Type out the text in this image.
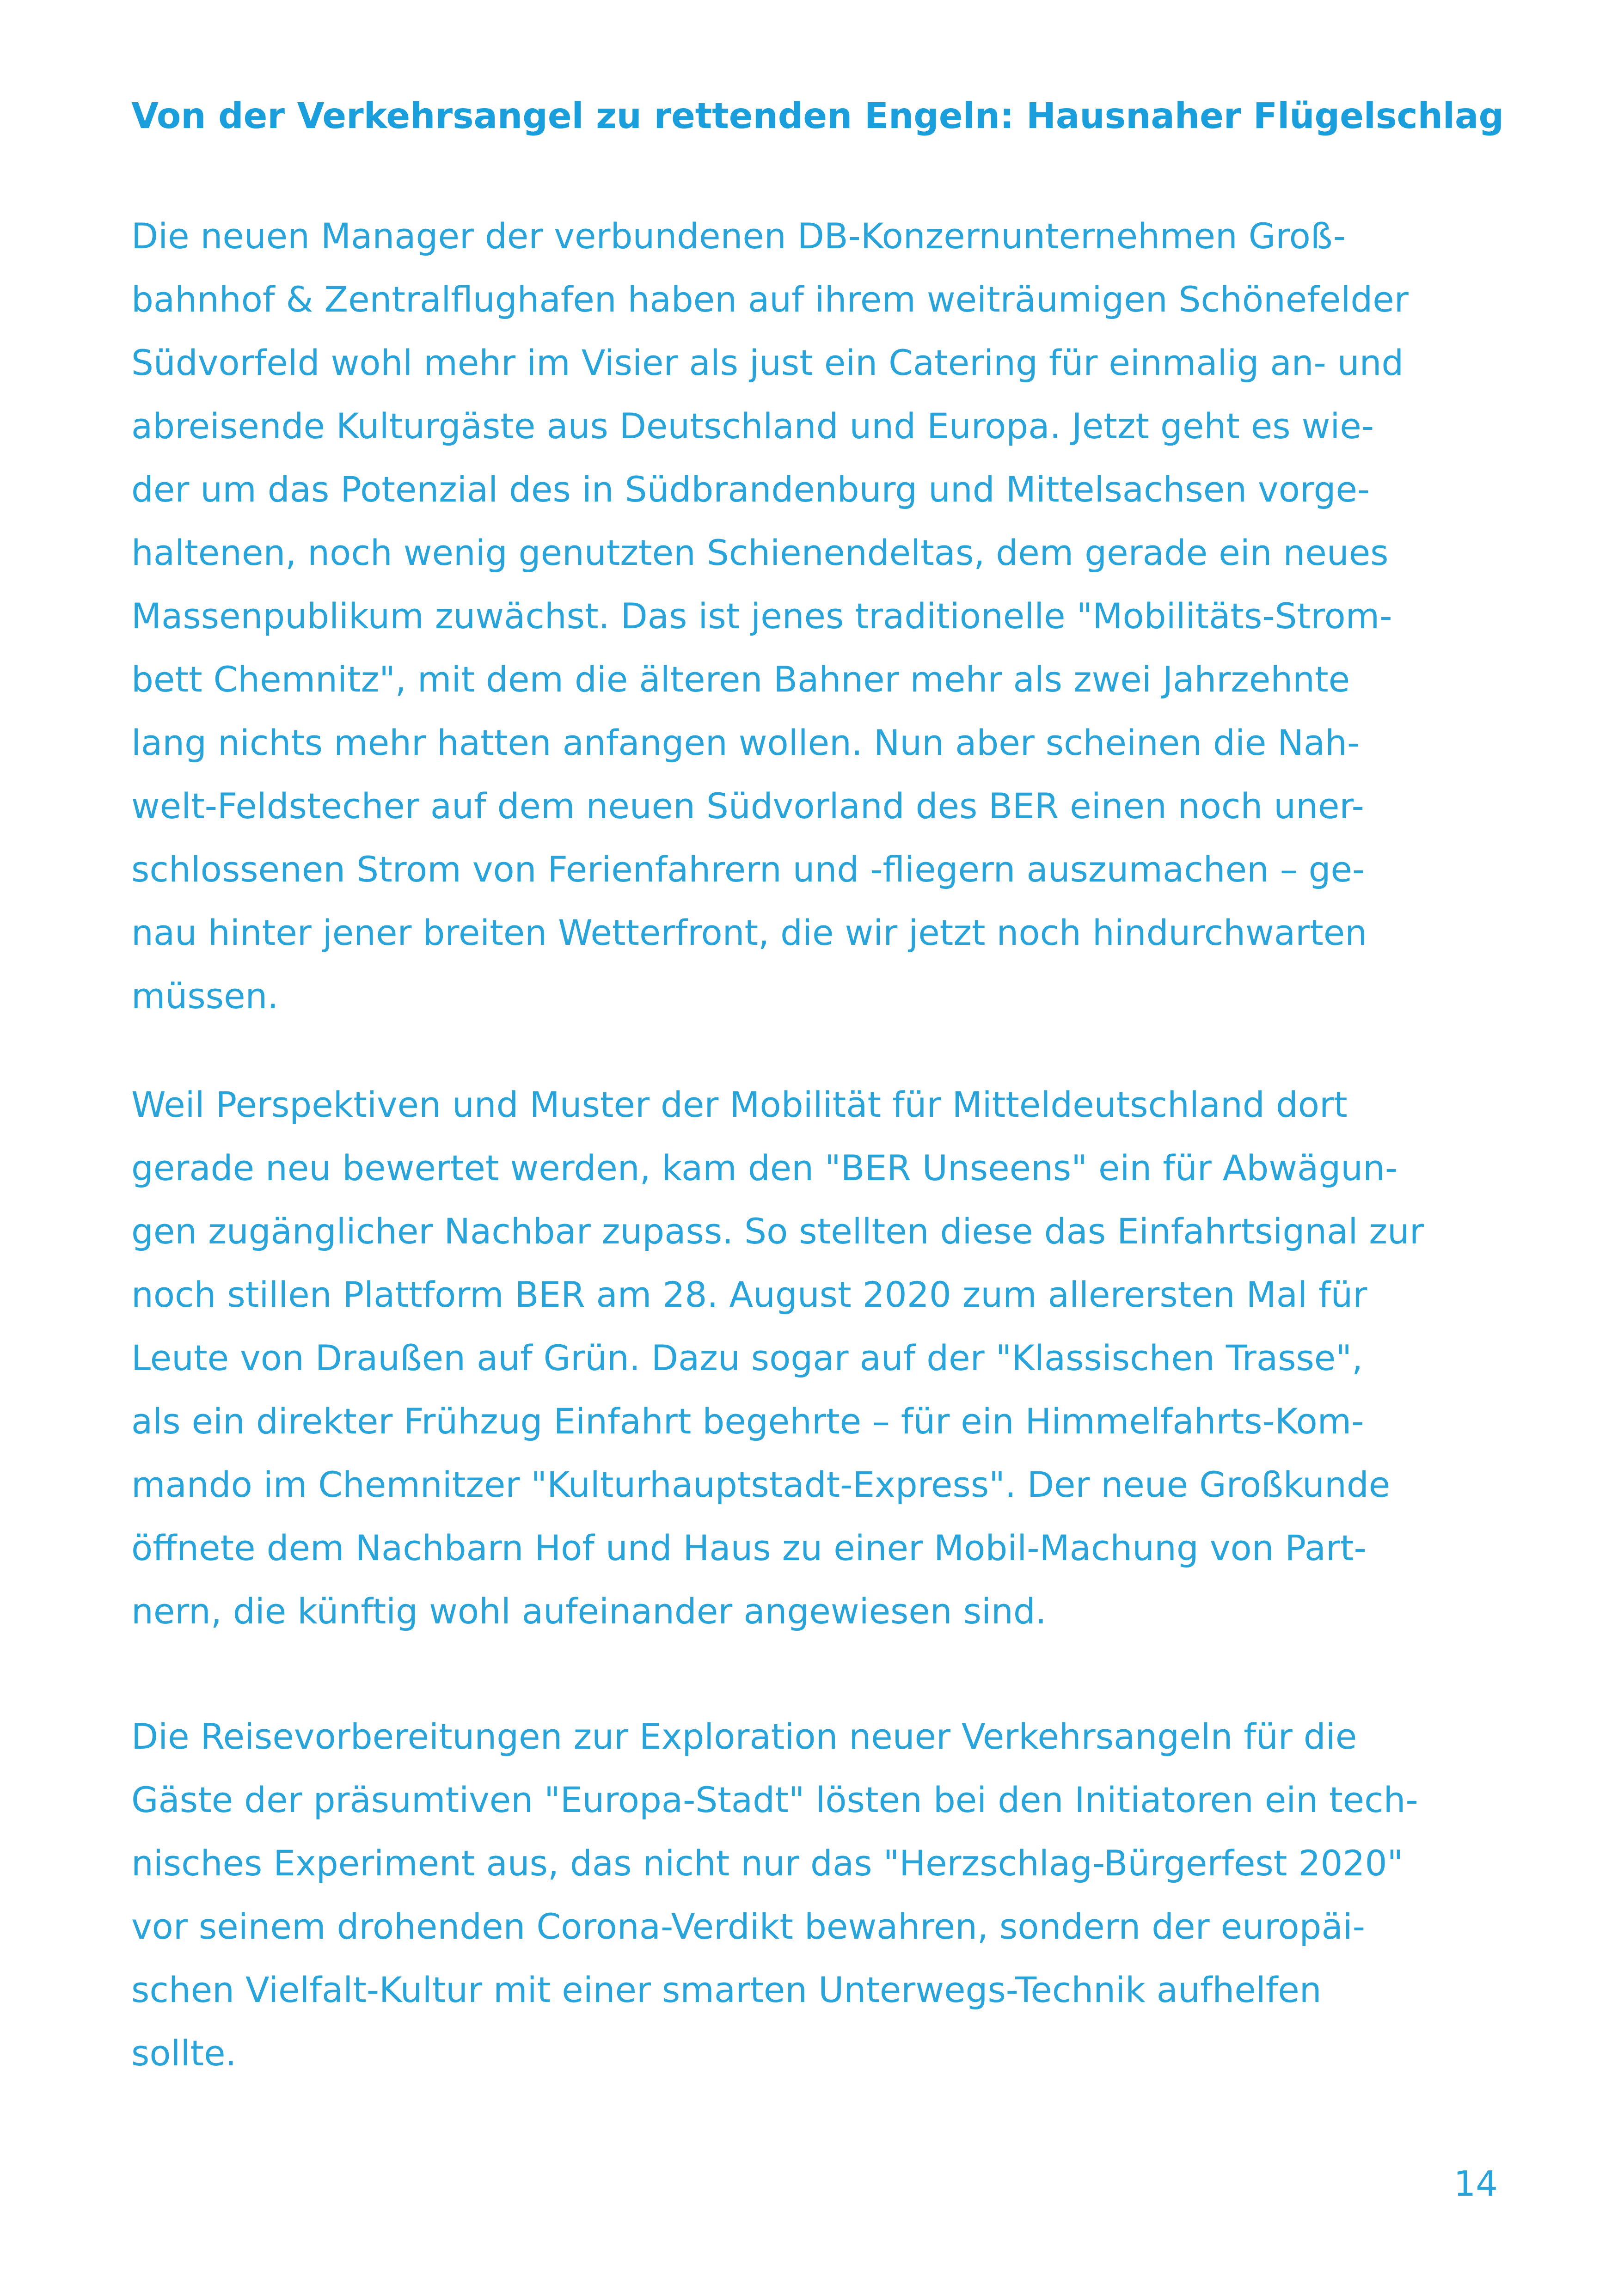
Von der Verkehrsangel zu rettenden Engeln: Hausnaher Flügelschlag
Die neuen Manager der verbundenen DB-Konzernunternehmen Groß-
bahnhof & Zentralflughafen haben auf ihrem weiträumigen Schönefelder
Südvorfeld wohl mehr im Visier als just ein Catering für einmalig an- und
abreisende Kulturgäste aus Deutschland und Europa. Jetzt geht es wie-
der um das Potenzial des in Südbrandenburg und Mittelsachsen vorge-
haltenen, noch wenig genutzten Schienendeltas, dem gerade ein neues
Massenpublikum zuwächst. Das ist jenes traditionelle "Mobilitäts-Strom-
bett Chemnitz", mit dem die älteren Bahner mehr als zwei Jahrzehnte
lang nichts mehr hatten anfangen wollen. Nun aber scheinen die Nah-
welt-Feldstecher auf dem neuen Südvorland des BER einen noch uner-
schlossenen Strom von Ferienfahrern und -fliegern auszumachen – ge-
nau hinter jener breiten Wetterfront, die wir jetzt noch hindurchwarten
müssen.
Weil Perspektiven und Muster der Mobilität für Mitteldeutschland dort
gerade neu bewertet werden, kam den "BER Unseens" ein für Abwägun-
gen zugänglicher Nachbar zupass. So stellten diese das Einfahrtsignal zur
noch stillen Plattform BER am 28. August 2020 zum allerersten Mal für
Leute von Draußen auf Grün. Dazu sogar auf der "Klassischen Trasse",
als ein direkter Frühzug Einfahrt begehrte – für ein Himmelfahrts-Kom-
mando im Chemnitzer "Kulturhauptstadt-Express". Der neue Großkunde
öffnete dem Nachbarn Hof und Haus zu einer Mobil-Machung von Part-
nern, die künftig wohl aufeinander angewiesen sind.
Die Reisevorbereitungen zur Exploration neuer Verkehrsangeln für die
Gäste der präsumtiven "Europa-Stadt" lösten bei den Initiatoren ein tech-
nisches Experiment aus, das nicht nur das "Herzschlag-Bürgerfest 2020"
vor seinem drohenden Corona-Verdikt bewahren, sondern der europäi-
schen Vielfalt-Kultur mit einer smarten Unterwegs-Technik aufhelfen
sollte.
14
